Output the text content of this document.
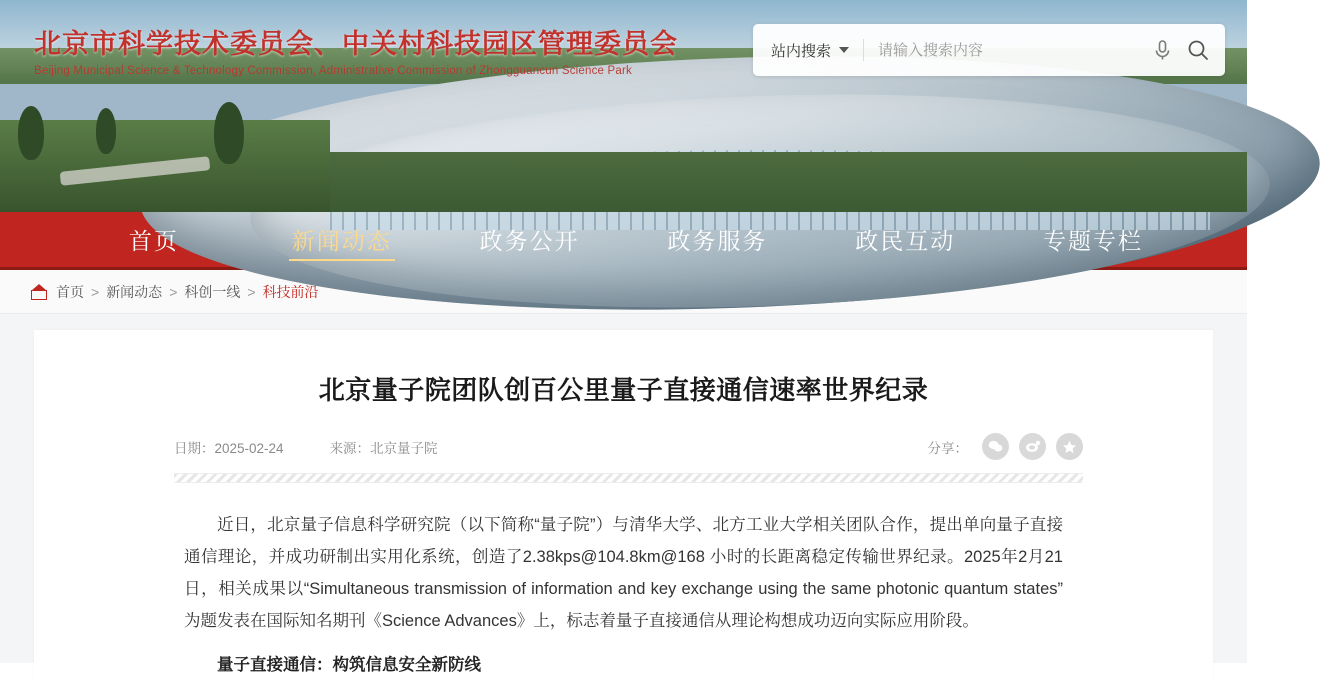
北京市科学技术委员会、中关村科技园区管理委员会
Beijing Municipal Science & Technology Commission, Administrative Commission of Zhongguancun Science Park
站内搜索
请输入搜索内容
首页	新闻动态	政务公开	政务服务	政民互动	专题专栏
首页 > 新闻动态 > 科创一线 > 科技前沿
北京量子院团队创百公里量子直接通信速率世界纪录
日期：2025-02-24	来源：北京量子院	分享：

近日，北京量子信息科学研究院（以下简称“量子院”）与清华大学、北方工业大学相关团队合作，提出单向量子直接通信理论，并成功研制出实用化系统，创造了2.38kps@104.8km@168 小时的长距离稳定传输世界纪录。2025年2月21 日，相关成果以“Simultaneous transmission of information and key exchange using the same photonic quantum states”为题发表在国际知名期刊《Science Advances》上，标志着量子直接通信从理论构想成功迈向实际应用阶段。

量子直接通信：构筑信息安全新防线
